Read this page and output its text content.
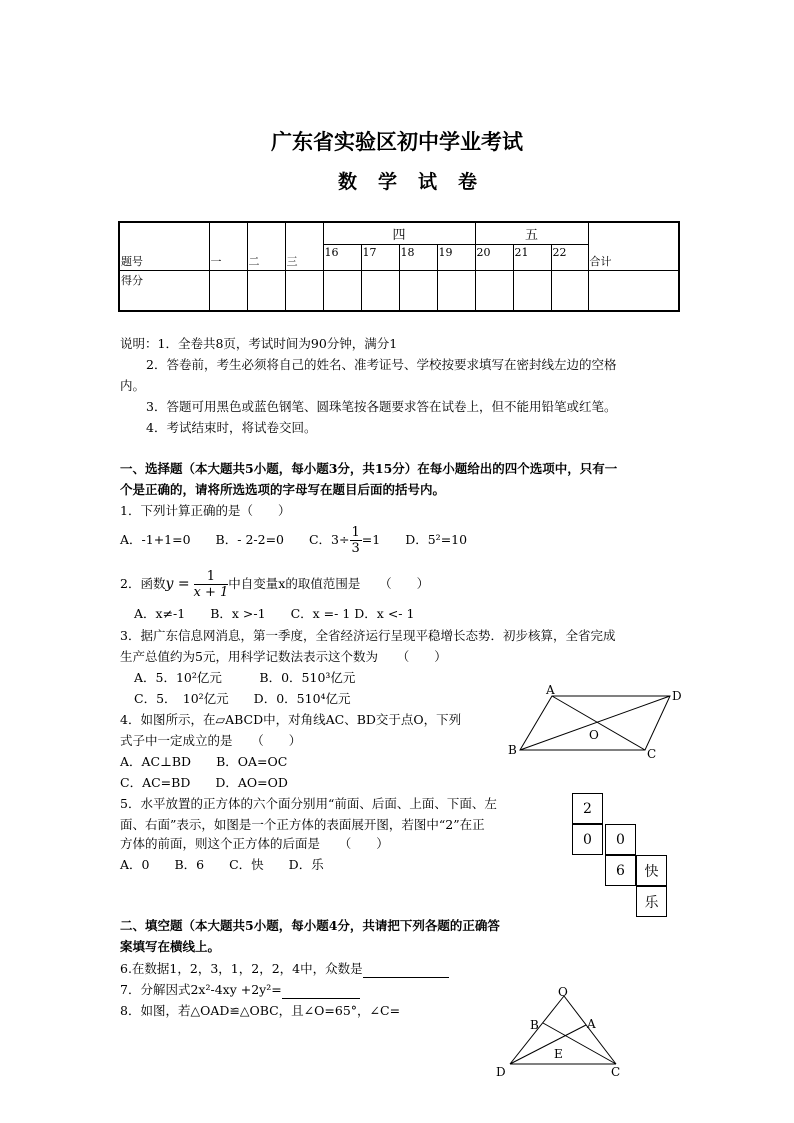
广东省实验区初中学业考试
数学试卷
题号	一	二	三	四				五			合计
				16	17	18	19	20	21	22	
得分											
说明：1．全卷共8页，考试时间为90分钟，满分1
2．答卷前，考生必须将自己的姓名、准考证号、学校按要求填写在密封线左边的空格
内。
3．答题可用黑色或蓝色钢笔、圆珠笔按各题要求答在试卷上，但不能用铅笔或红笔。
4．考试结束时，将试卷交回。
一、选择题（本大题共5小题，每小题3分，共15分）在每小题给出的四个选项中，只有一
个是正确的，请将所选选项的字母写在题目后面的括号内。
1．下列计算正确的是（　　）
A．-1+1=0　　B．- 2-2=0　　C．$3\div \frac{1}{3} =1$　　D．5²=10
2．函数$y = \frac{1}{x + 1}$中自变量x的取值范围是　　（　　）
A．x≠-1　　B．x >-1　　C．x =- 1 D．x <- 1
3．据广东信息网消息，第一季度，全省经济运行呈现平稳增长态势．初步核算，全省完成
生产总值约为5元，用科学记数法表示这个数为　　（　　）
A．5．10²亿元　　　B．0．510³亿元
C．5．　10²亿元　　D．0．510⁴亿元
4．如图所示，在▱ABCD中，对角线AC、BD交于点O，下列
式子中一定成立的是　　（　　）
A．AC⊥BD　　B．OA=OC
C．AC=BD　　D．AO=OD
A	D
B	C
O
5．水平放置的正方体的六个面分别用“前面、后面、上面、下面、左
面、右面”表示，如图是一个正方体的表面展开图，若图中“2”在正
方体的前面，则这个正方体的后面是　　（　　）
A．0　　B．6　　C．快　　D．乐
2
0	0
6	快
乐
二、填空题（本大题共5小题，每小题4分，共请把下列各题的正确答
案填写在横线上。
6.在数据1，2，3，1，2，2，4中，众数是
7．分解因式2x²-4xy +2y²=
8．如图，若△OAD≌△OBC，且∠O=65°，∠C=
O
B	A
E
D	C
